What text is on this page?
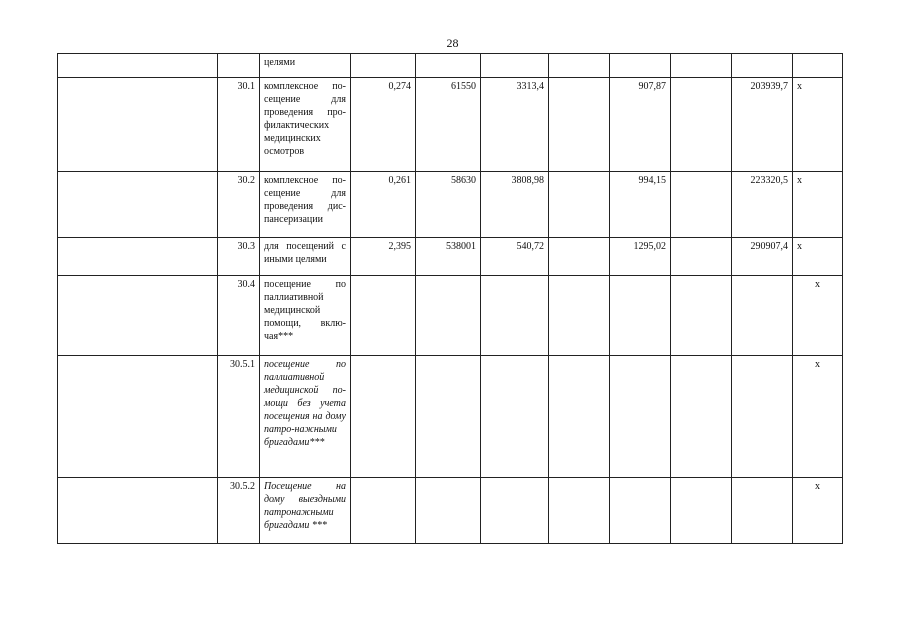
28
		целями								
	30.1	комплексное по-сещение для проведения про-филактических медицинских осмотров	0,274	61550	3313,4		907,87		203939,7	х
	30.2	комплексное по-сещение для проведения дис-пансеризации	0,261	58630	3808,98		994,15		223320,5	х
	30.3	для посещений с иными целями	2,395	538001	540,72		1295,02		290907,4	х
	30.4	посещение по паллиативной медицинской помощи, вклю-чая***								х
	30.5.1	посещение по паллиативной медицинской по-мощи без учета посещения на дому патро-нажными бригадами***								х
	30.5.2	Посещение на дому выездными патронажными бригадами ***								х
